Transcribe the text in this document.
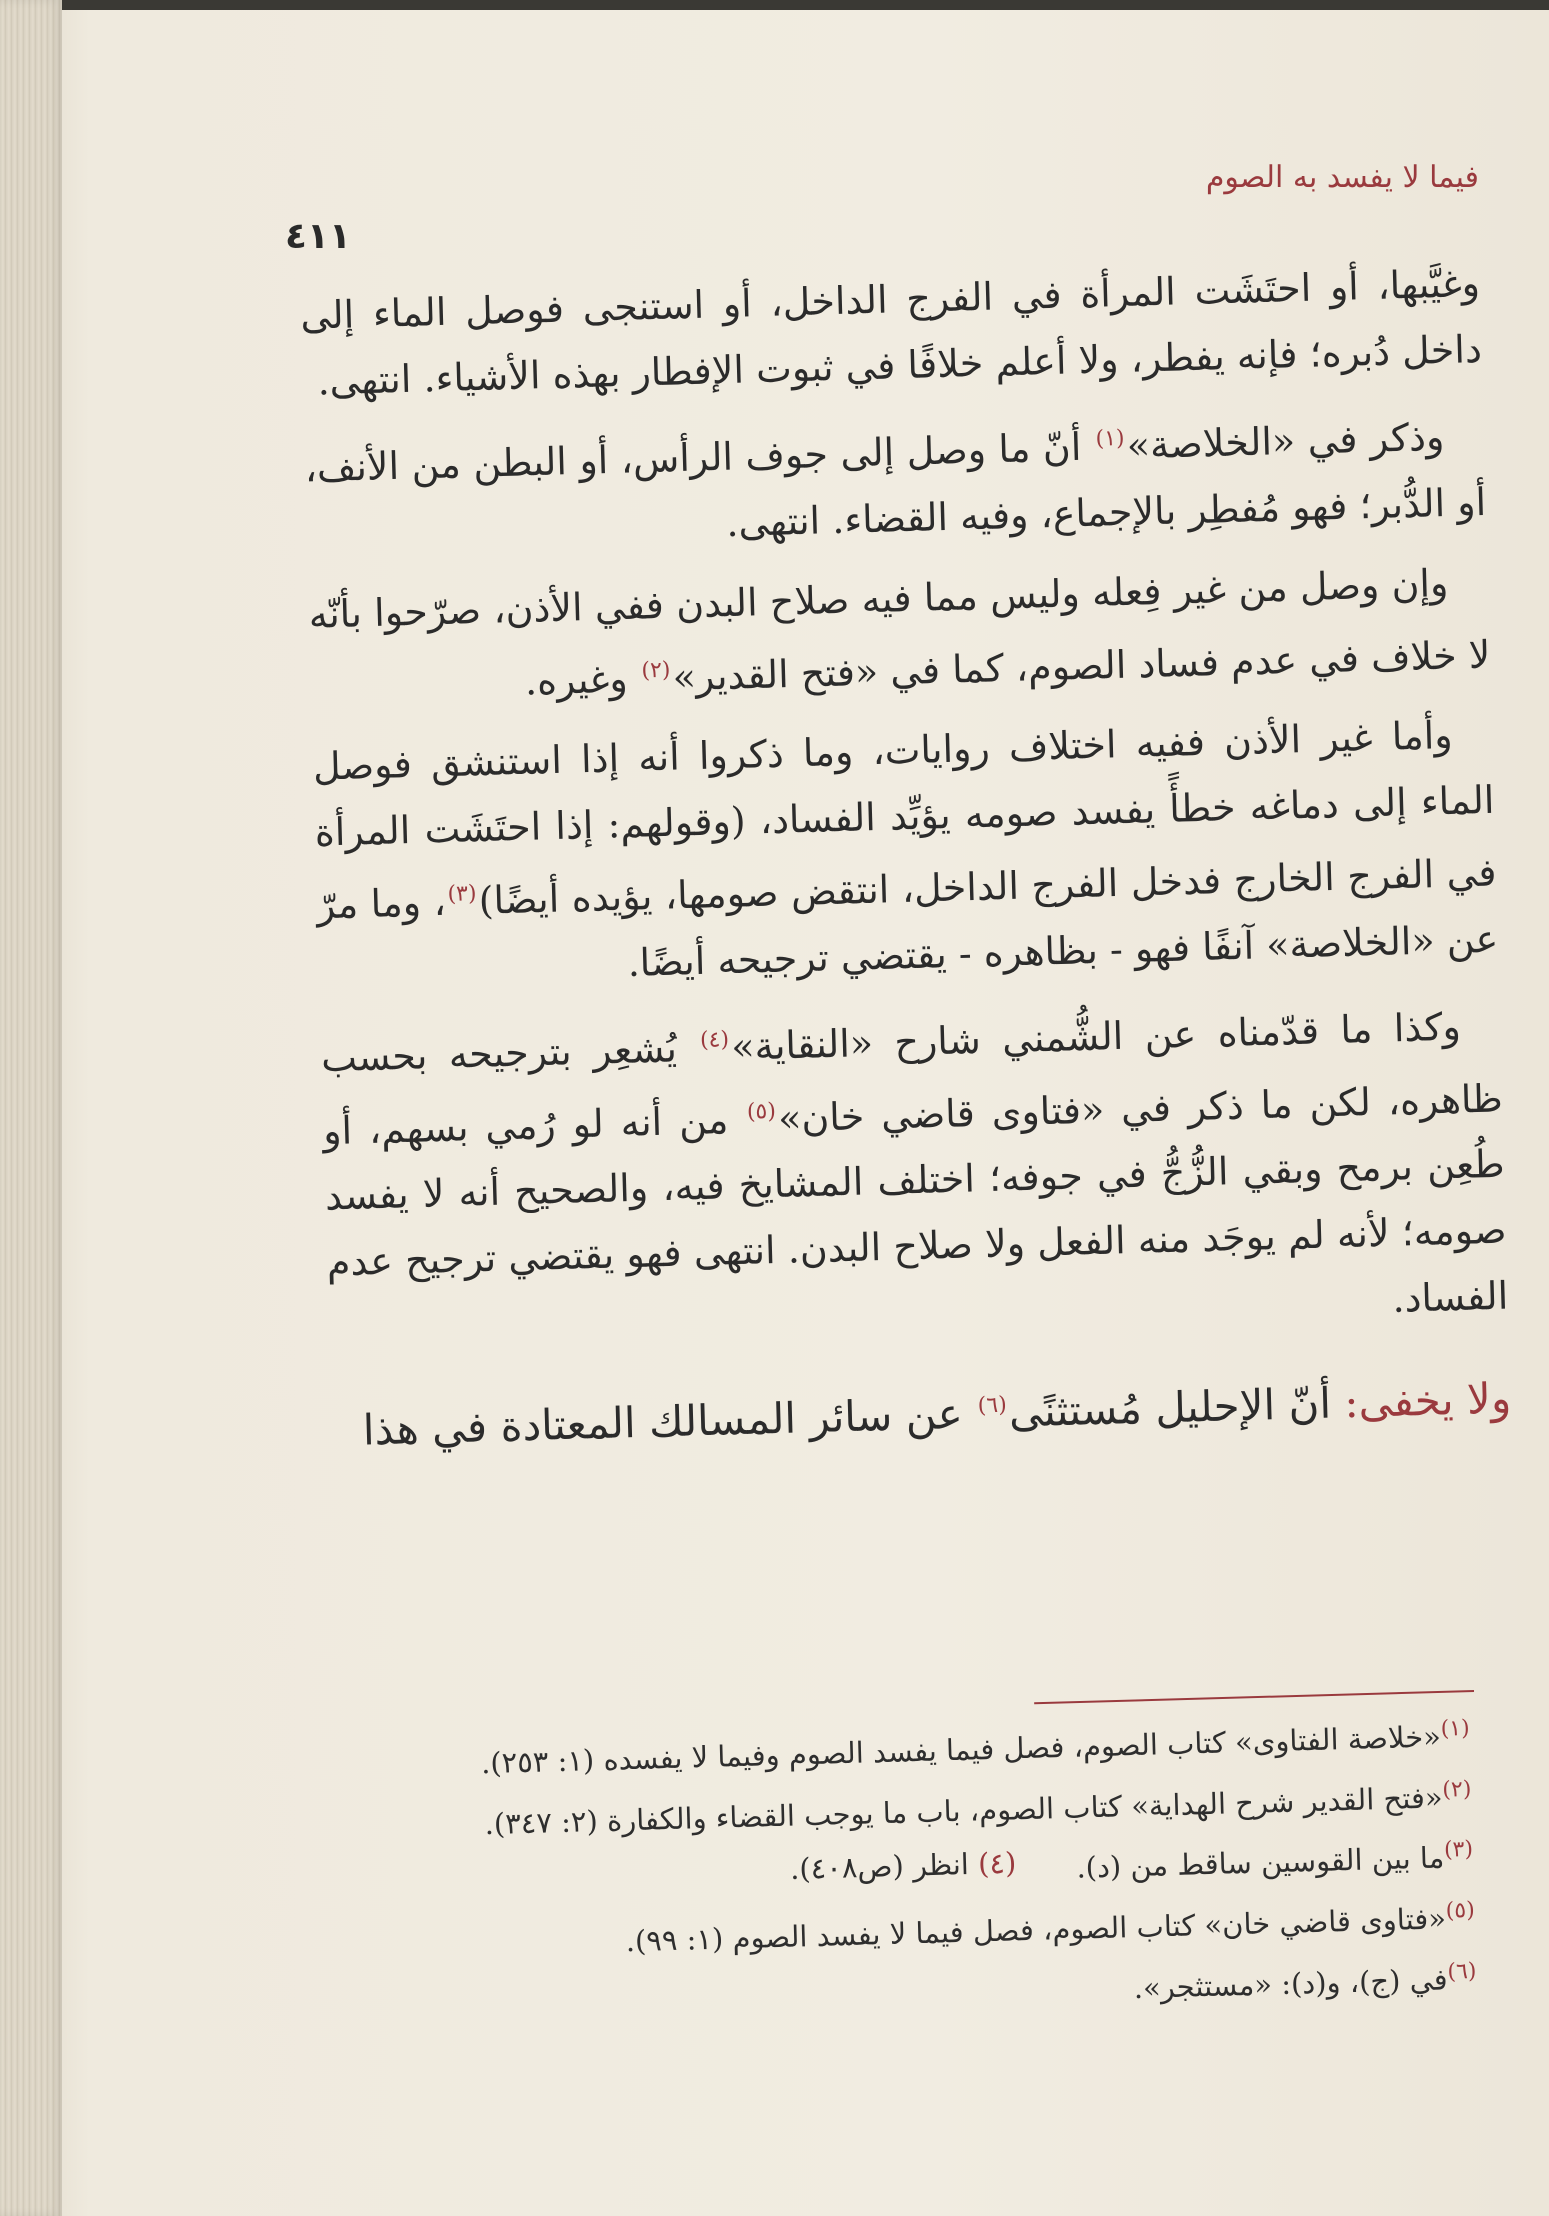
فيما لا يفسد به الصوم
٤١١

وغيَّبها، أو احتَشَت المرأة في الفرج الداخل، أو استنجى فوصل الماء إلى داخل دُبره؛ فإنه يفطر، ولا أعلم خلافًا في ثبوت الإفطار بهذه الأشياء. انتهى.

وذكر في «الخلاصة»$^{(١)}$ أنّ ما وصل إلى جوف الرأس، أو البطن من الأنف، أو الدُّبر؛ فهو مُفطِر بالإجماع، وفيه القضاء. انتهى.

وإن وصل من غير فِعله وليس مما فيه صلاح البدن ففي الأذن، صرّحوا بأنّه لا خلاف في عدم فساد الصوم، كما في «فتح القدير»$^{(٢)}$ وغيره.

وأما غير الأذن ففيه اختلاف روايات، وما ذكروا أنه إذا استنشق فوصل الماء إلى دماغه خطأً يفسد صومه يؤيِّد الفساد، (وقولهم: إذا احتَشَت المرأة في الفرج الخارج فدخل الفرج الداخل، انتقض صومها، يؤيده أيضًا)$^{(٣)}$، وما مرّ عن «الخلاصة» آنفًا فهو - بظاهره - يقتضي ترجيحه أيضًا.

وكذا ما قدّمناه عن الشُّمني شارح «النقاية»$^{(٤)}$ يُشعِر بترجيحه بحسب ظاهره، لكن ما ذكر في «فتاوى قاضي خان»$^{(٥)}$ من أنه لو رُمي بسهم، أو طُعِن برمح وبقي الزُّجُّ في جوفه؛ اختلف المشايخ فيه، والصحيح أنه لا يفسد صومه؛ لأنه لم يوجَد منه الفعل ولا صلاح البدن. انتهى فهو يقتضي ترجيح عدم الفساد.

ولا يخفى: أنّ الإحليل مُستثنًى$^{(٦)}$ عن سائر المسالك المعتادة في هذا

$^{(١)}$«خلاصة الفتاوى» كتاب الصوم، فصل فيما يفسد الصوم وفيما لا يفسده (١: ٢٥٣).
$^{(٢)}$«فتح القدير شرح الهداية» كتاب الصوم، باب ما يوجب القضاء والكفارة (٢: ٣٤٧).
$^{(٣)}$ما بين القوسين ساقط من (د).
(٤) انظر (ص٤٠٨).
$^{(٥)}$«فتاوى قاضي خان» كتاب الصوم، فصل فيما لا يفسد الصوم (١: ٩٩).
$^{(٦)}$في (ج)، و(د): «مستثجر».
